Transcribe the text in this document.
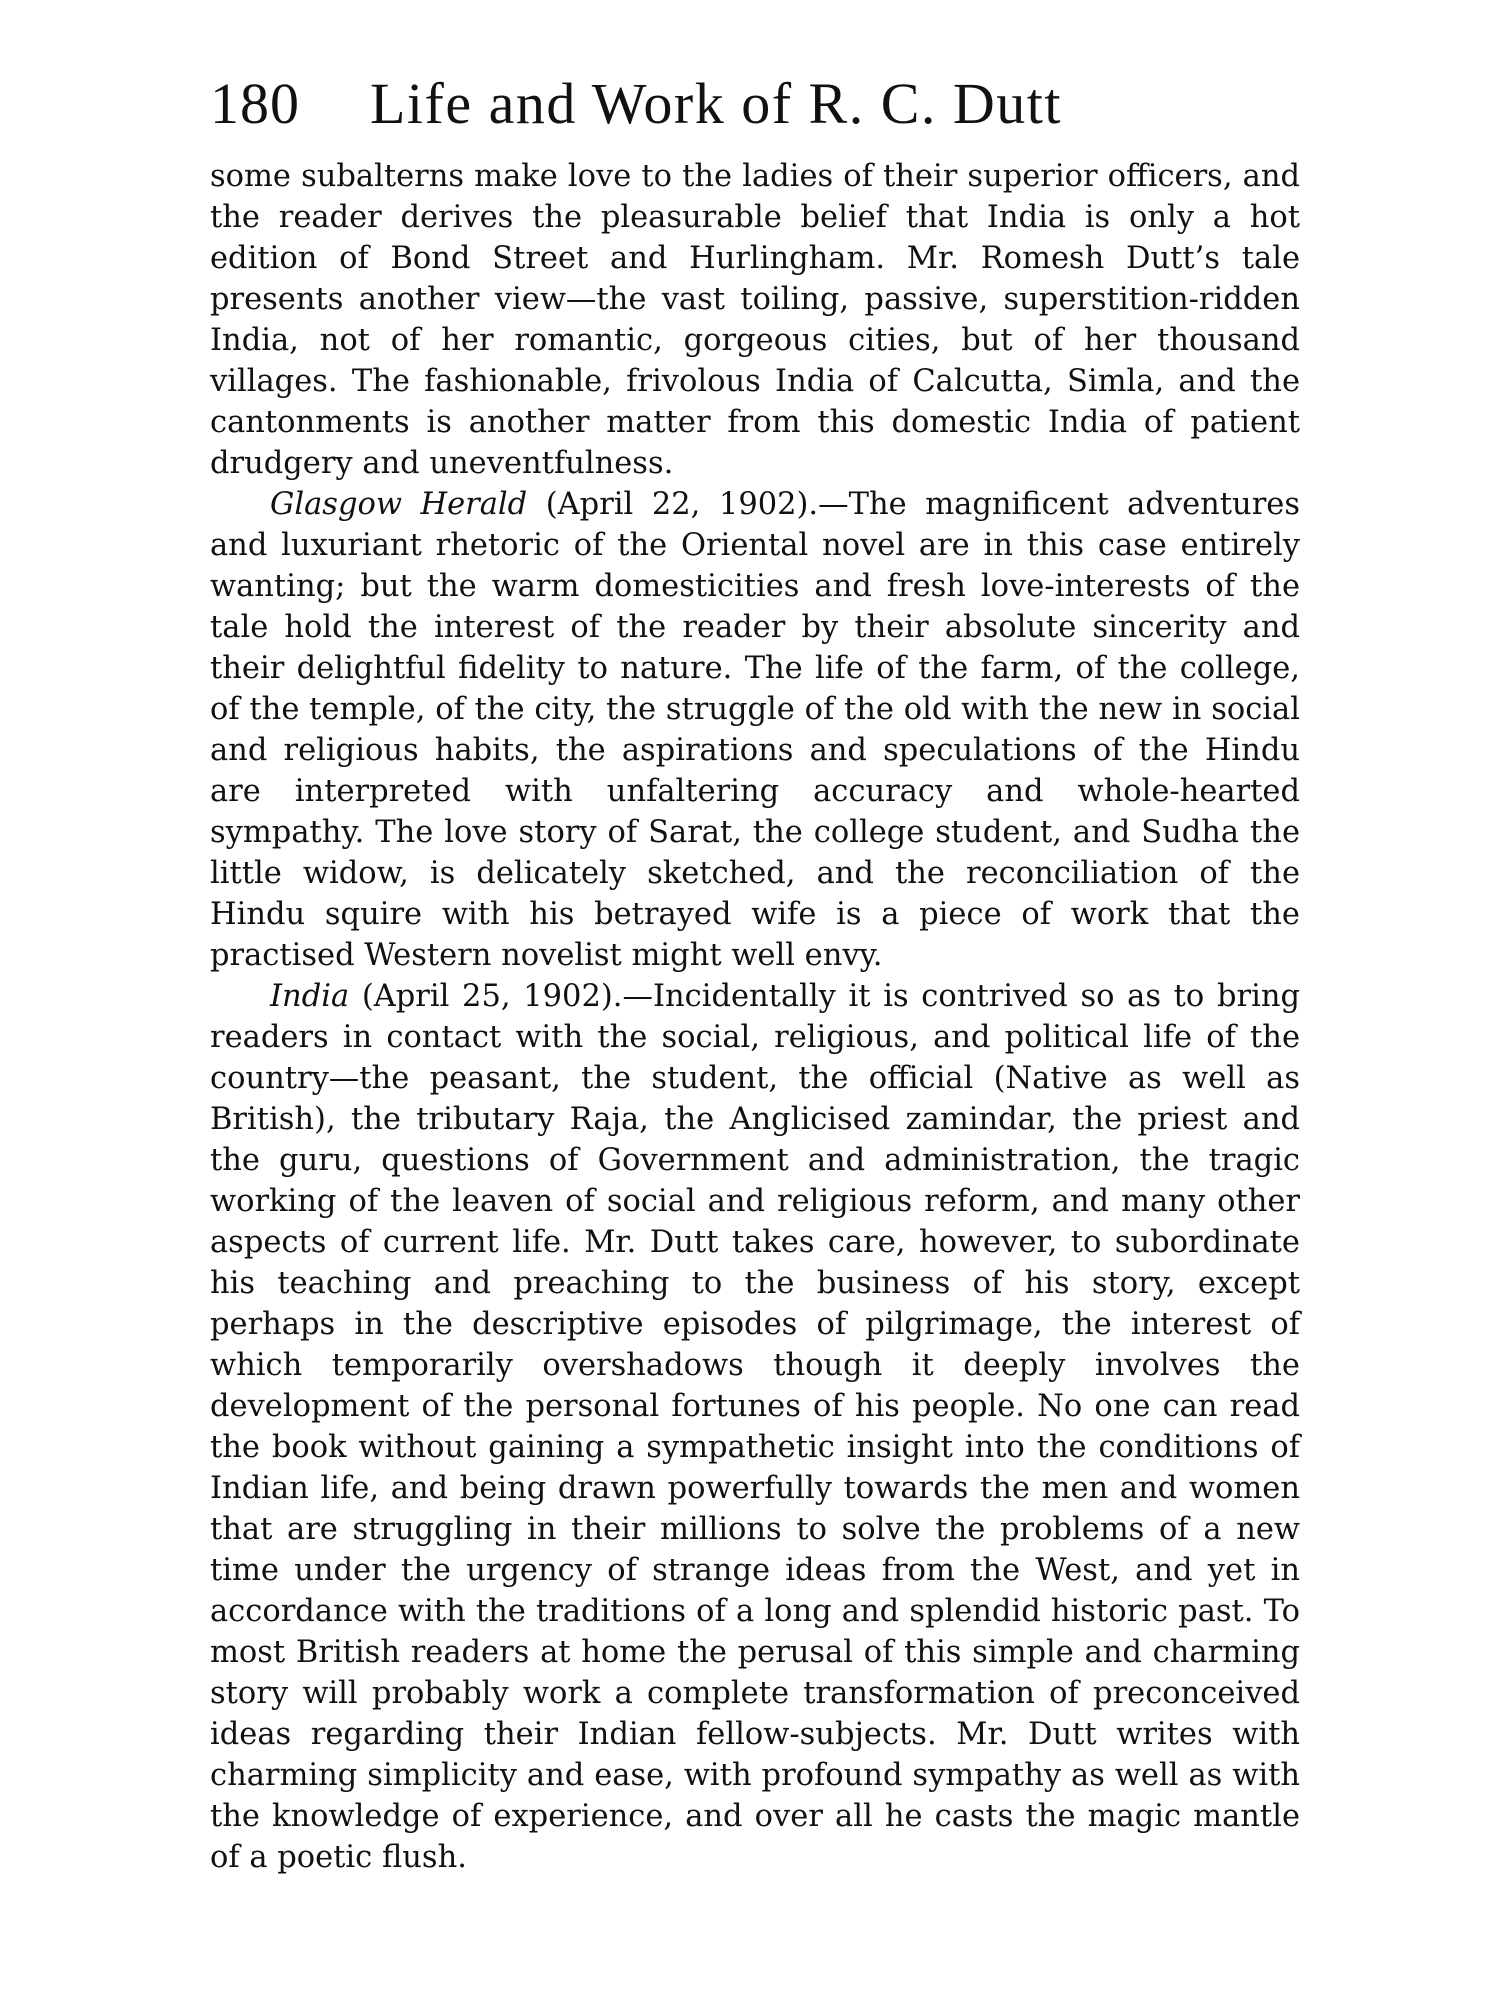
180 Life and Work of R. C. Dutt

some subalterns make love to the ladies of their superior officers, and the reader derives the pleasurable belief that India is only a hot edition of Bond Street and Hurlingham. Mr. Romesh Dutt’s tale presents another view—the vast toiling, passive, superstition-ridden India, not of her romantic, gorgeous cities, but of her thousand villages. The fashionable, frivolous India of Calcutta, Simla, and the cantonments is another matter from this domestic India of patient drudgery and uneventfulness.

Glasgow Herald (April 22, 1902).—The magnificent adventures and luxuriant rhetoric of the Oriental novel are in this case entirely wanting; but the warm domesticities and fresh love-interests of the tale hold the interest of the reader by their absolute sincerity and their delightful fidelity to nature. The life of the farm, of the college, of the temple, of the city, the struggle of the old with the new in social and religious habits, the aspirations and speculations of the Hindu are interpreted with unfaltering accuracy and whole-hearted sympathy. The love story of Sarat, the college student, and Sudha the little widow, is delicately sketched, and the reconciliation of the Hindu squire with his betrayed wife is a piece of work that the practised Western novelist might well envy.

India (April 25, 1902).—Incidentally it is contrived so as to bring readers in contact with the social, religious, and political life of the country—the peasant, the student, the official (Native as well as British), the tributary Raja, the Anglicised zamindar, the priest and the guru, questions of Government and administration, the tragic working of the leaven of social and religious reform, and many other aspects of current life. Mr. Dutt takes care, however, to subordinate his teaching and preaching to the business of his story, except perhaps in the descriptive episodes of pilgrimage, the interest of which temporarily overshadows though it deeply involves the development of the personal fortunes of his people. No one can read the book without gaining a sympathetic insight into the conditions of Indian life, and being drawn powerfully towards the men and women that are struggling in their millions to solve the problems of a new time under the urgency of strange ideas from the West, and yet in accordance with the traditions of a long and splendid historic past. To most British readers at home the perusal of this simple and charming story will probably work a complete transformation of preconceived ideas regarding their Indian fellow-subjects. Mr. Dutt writes with charming simplicity and ease, with profound sympathy as well as with the knowledge of experience, and over all he casts the magic mantle of a poetic flush.
